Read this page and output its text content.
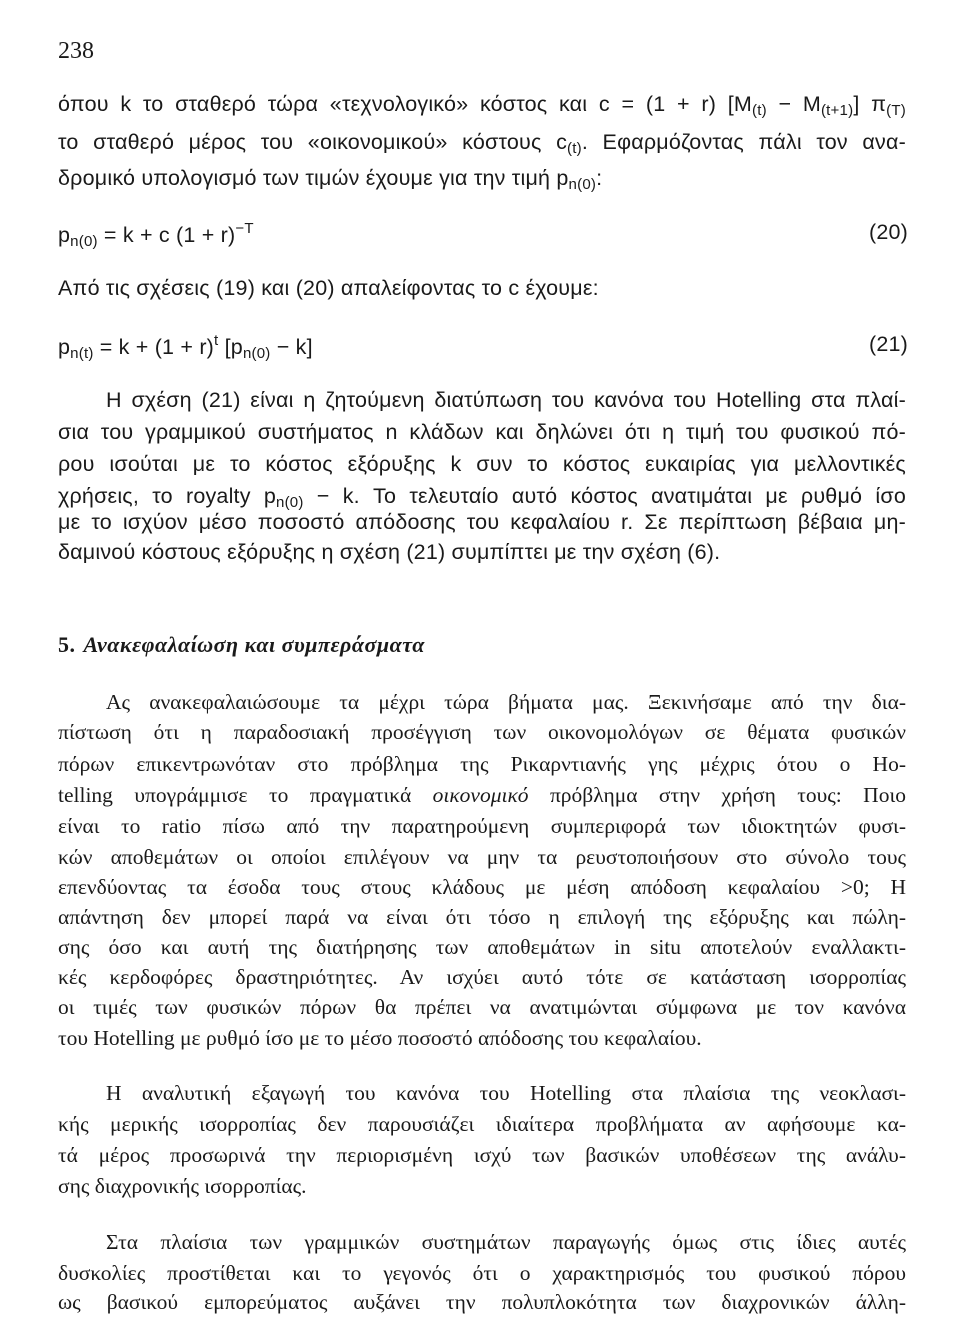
238
όπου k το σταθερό τώρα «τεχνολογικό» κόστος και c = (1 + r) $[M_{(t)} - M_{(t+1)}]$ $\pi_{(T)}$
το σταθερό μέρος του «οικονομικού» κόστους $c_{(t)}$. Εφαρμόζοντας πάλι τον ανα-
δρομικό υπολογισμό των τιμών έχουμε για την τιμή $p_{n(0)}$:
$p_{n(0)} = k + c$ $(1 + r)^{-T}$	(20)
Από τις σχέσεις (19) και (20) απαλείφοντας το c έχουμε:
$p_{n(t)} = k + (1 + r)^t$ $[p_{n(0)} - k]$	(21)
Η σχέση (21) είναι η ζητούμενη διατύπωση του κανόνα του Hotelling στα πλαί-
σια του γραμμικού συστήματος n κλάδων και δηλώνει ότι η τιμή του φυσικού πό-
ρου ισούται με το κόστος εξόρυξης k συν το κόστος ευκαιρίας για μελλοντικές
χρήσεις, το royalty $p_{n(0)} - k$. Το τελευταίο αυτό κόστος ανατιμάται με ρυθμό ίσο
με το ισχύον μέσο ποσοστό απόδοσης του κεφαλαίου r. Σε περίπτωση βέβαια μη-
δαμινού κόστους εξόρυξης η σχέση (21) συμπίπτει με την σχέση (6).
5. Ανακεφαλαίωση και συμπεράσματα
Ας ανακεφαλαιώσουμε τα μέχρι τώρα βήματα μας. Ξεκινήσαμε από την δια-
πίστωση ότι η παραδοσιακή προσέγγιση των οικονομολόγων σε θέματα φυσικών
πόρων επικεντρωνόταν στο πρόβλημα της Ρικαρντιανής γης μέχρις ότου ο Ηο-
telling υπογράμμισε το πραγματικά οικονομικό πρόβλημα στην χρήση τους: Ποιο
είναι το ratio πίσω από την παρατηρούμενη συμπεριφορά των ιδιοκτητών φυσι-
κών αποθεμάτων οι οποίοι επιλέγουν να μην τα ρευστοποιήσουν στο σύνολο τους
επενδύοντας τα έσοδα τους στους κλάδους με μέση απόδοση κεφαλαίου >0; Η
απάντηση δεν μπορεί παρά να είναι ότι τόσο η επιλογή της εξόρυξης και πώλη-
σης όσο και αυτή της διατήρησης των αποθεμάτων in situ αποτελούν εναλλακτι-
κές κερδοφόρες δραστηριότητες. Αν ισχύει αυτό τότε σε κατάσταση ισορροπίας
οι τιμές των φυσικών πόρων θα πρέπει να ανατιμώνται σύμφωνα με τον κανόνα
του Hotelling με ρυθμό ίσο με το μέσο ποσοστό απόδοσης του κεφαλαίου.
Η αναλυτική εξαγωγή του κανόνα του Hotelling στα πλαίσια της νεοκλασι-
κής μερικής ισορροπίας δεν παρουσιάζει ιδιαίτερα προβλήματα αν αφήσουμε κα-
τά μέρος προσωρινά την περιορισμένη ισχύ των βασικών υποθέσεων της ανάλυ-
σης διαχρονικής ισορροπίας.
Στα πλαίσια των γραμμικών συστημάτων παραγωγής όμως στις ίδιες αυτές
δυσκολίες προστίθεται και το γεγονός ότι ο χαρακτηρισμός του φυσικού πόρου
ως βασικού εμπορεύματος αυξάνει την πολυπλοκότητα των διαχρονικών άλλη-
